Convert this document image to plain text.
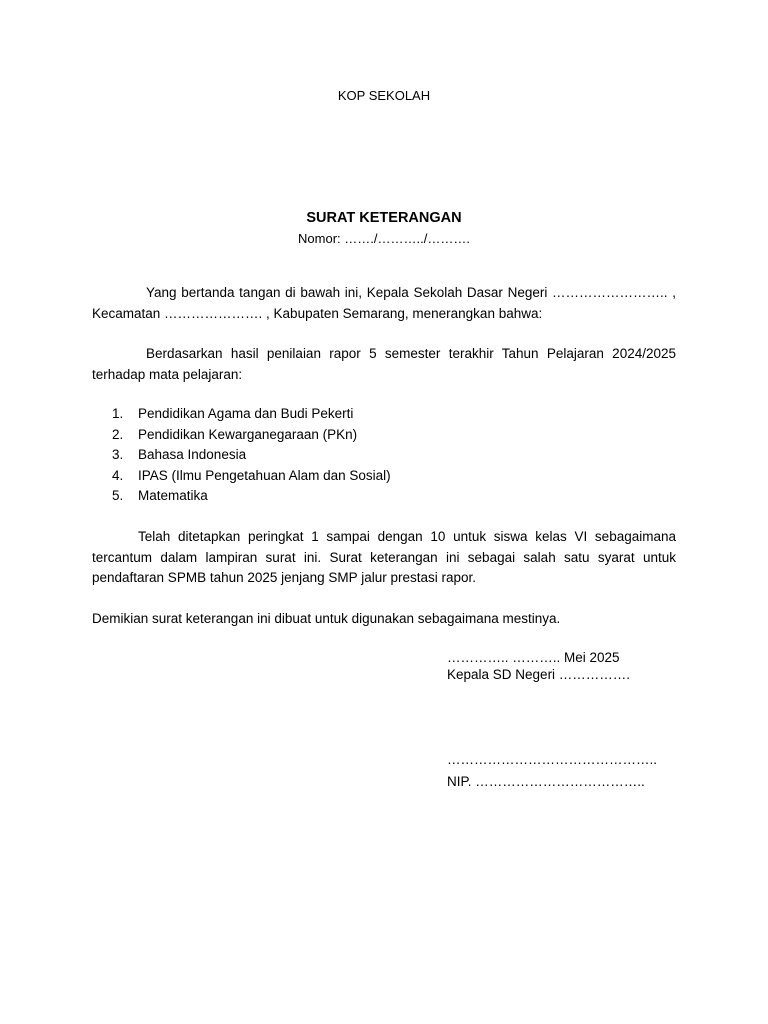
KOP SEKOLAH
SURAT KETERANGAN
Nomor: ……./………../……….
Yang bertanda tangan di bawah ini, Kepala Sekolah Dasar Negeri …………………….. , Kecamatan …………………. , Kabupaten Semarang, menerangkan bahwa:
Berdasarkan hasil penilaian rapor 5 semester terakhir Tahun Pelajaran 2024/2025 terhadap mata pelajaran:
1. Pendidikan Agama dan Budi Pekerti
2. Pendidikan Kewarganegaraan (PKn)
3. Bahasa Indonesia
4. IPAS (Ilmu Pengetahuan Alam dan Sosial)
5. Matematika
Telah ditetapkan peringkat 1 sampai dengan 10 untuk siswa kelas VI sebagaimana tercantum dalam lampiran surat ini. Surat keterangan ini sebagai salah satu syarat untuk pendaftaran SPMB tahun 2025 jenjang SMP jalur prestasi rapor.
Demikian surat keterangan ini dibuat untuk digunakan sebagaimana mestinya.
………….. ……….. Mei 2025
Kepala SD Negeri …………….
………………………………………..
NIP. ………………………………..
